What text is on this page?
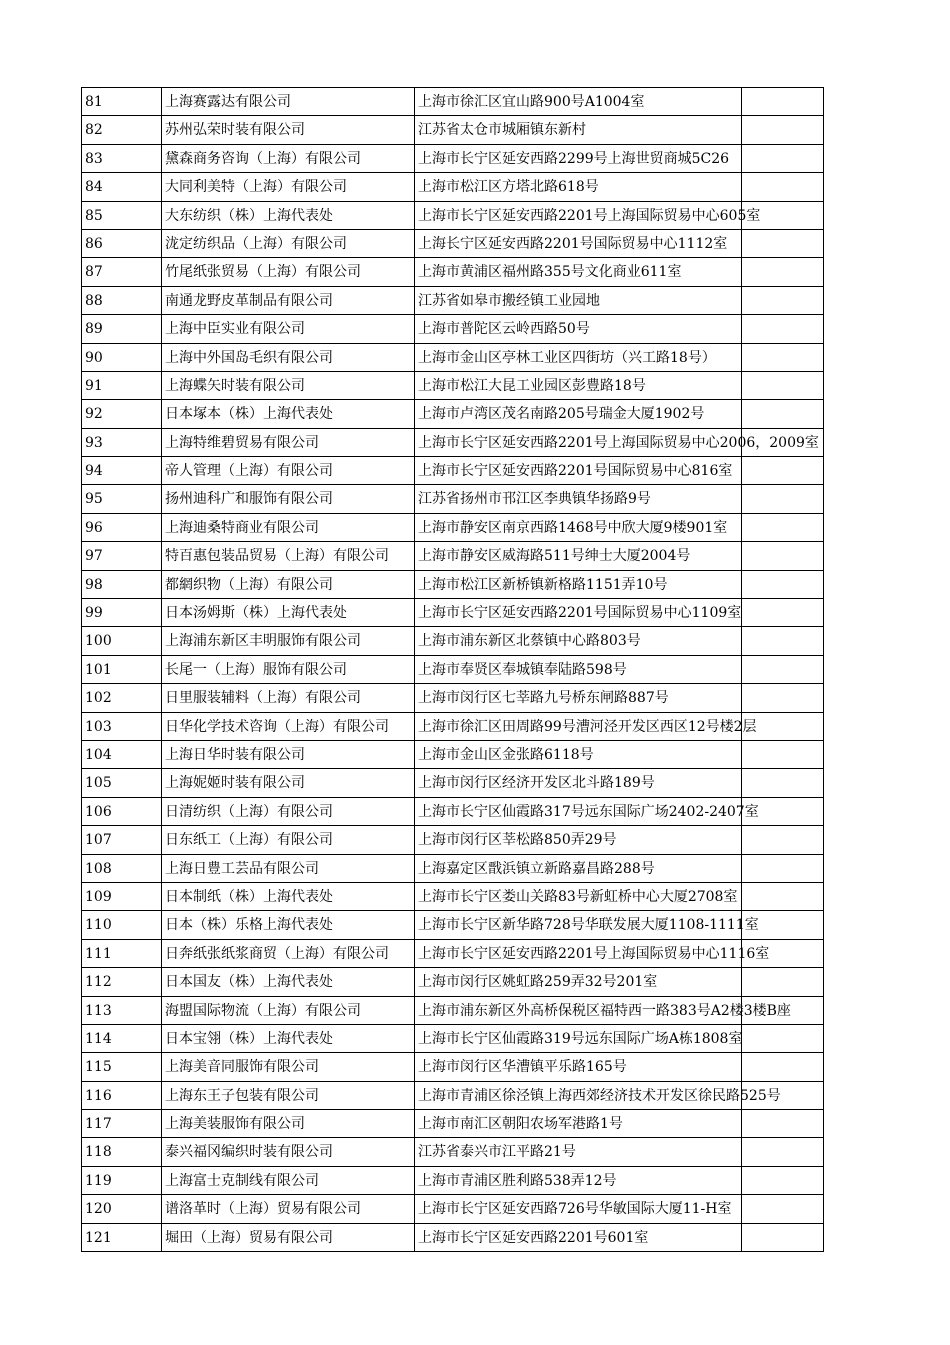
81	上海赛露达有限公司	上海市徐汇区宜山路900号A1004室
82	苏州弘荣时装有限公司	江苏省太仓市城厢镇东新村
83	黛森商务咨询（上海）有限公司	上海市长宁区延安西路2299号上海世贸商城5C26
84	大同利美特（上海）有限公司	上海市松江区方塔北路618号
85	大东纺织（株）上海代表处	上海市长宁区延安西路2201号上海国际贸易中心605室
86	泷定纺织品（上海）有限公司	上海长宁区延安西路2201号国际贸易中心1112室
87	竹尾纸张贸易（上海）有限公司	上海市黄浦区福州路355号文化商业611室
88	南通龙野皮革制品有限公司	江苏省如皋市搬经镇工业园地
89	上海中臣实业有限公司	上海市普陀区云岭西路50号
90	上海中外国岛毛织有限公司	上海市金山区亭林工业区四街坊（兴工路18号）
91	上海蝶矢时装有限公司	上海市松江大昆工业园区彭豊路18号
92	日本塚本（株）上海代表处	上海市卢湾区茂名南路205号瑞金大厦1902号
93	上海特维碧贸易有限公司	上海市长宁区延安西路2201号上海国际贸易中心2006，2009室
94	帝人管理（上海）有限公司	上海市长宁区延安西路2201号国际贸易中心816室
95	扬州迪科广和服饰有限公司	江苏省扬州市邗江区李典镇华扬路9号
96	上海迪桑特商业有限公司	上海市静安区南京西路1468号中欣大厦9楼901室
97	特百惠包装品贸易（上海）有限公司	上海市静安区威海路511号绅士大厦2004号
98	都網织物（上海）有限公司	上海市松江区新桥镇新格路1151弄10号
99	日本汤姆斯（株）上海代表处	上海市长宁区延安西路2201号国际贸易中心1109室
100	上海浦东新区丰明服饰有限公司	上海市浦东新区北蔡镇中心路803号
101	长尾一（上海）服饰有限公司	上海市奉贤区奉城镇奉陆路598号
102	日里服装辅料（上海）有限公司	上海市闵行区七莘路九号桥东闸路887号
103	日华化学技术咨询（上海）有限公司	上海市徐汇区田周路99号漕河泾开发区西区12号楼2层
104	上海日华时装有限公司	上海市金山区金张路6118号
105	上海妮姬时装有限公司	上海市闵行区经济开发区北斗路189号
106	日清纺织（上海）有限公司	上海市长宁区仙霞路317号远东国际广场2402-2407室
107	日东纸工（上海）有限公司	上海市闵行区莘松路850弄29号
108	上海日豊工芸品有限公司	上海嘉定区戬浜镇立新路嘉昌路288号
109	日本制纸（株）上海代表处	上海市长宁区娄山关路83号新虹桥中心大厦2708室
110	日本（株）乐格上海代表处	上海市长宁区新华路728号华联发展大厦1108-1111室
111	日奔纸张纸浆商贸（上海）有限公司	上海市长宁区延安西路2201号上海国际贸易中心1116室
112	日本国友（株）上海代表处	上海市闵行区姚虹路259弄32号201室
113	海盟国际物流（上海）有限公司	上海市浦东新区外高桥保税区福特西一路383号A2楼3楼B座
114	日本宝翎（株）上海代表处	上海市长宁区仙霞路319号远东国际广场A栋1808室
115	上海美音同服饰有限公司	上海市闵行区华漕镇平乐路165号
116	上海东王子包装有限公司	上海市青浦区徐泾镇上海西郊经济技术开发区徐民路525号
117	上海美装服饰有限公司	上海市南汇区朝阳农场军港路1号
118	泰兴福冈编织时装有限公司	江苏省泰兴市江平路21号
119	上海富士克制线有限公司	上海市青浦区胜利路538弄12号
120	谱洛革时（上海）贸易有限公司	上海市长宁区延安西路726号华敏国际大厦11-H室
121	堀田（上海）贸易有限公司	上海市长宁区延安西路2201号601室
